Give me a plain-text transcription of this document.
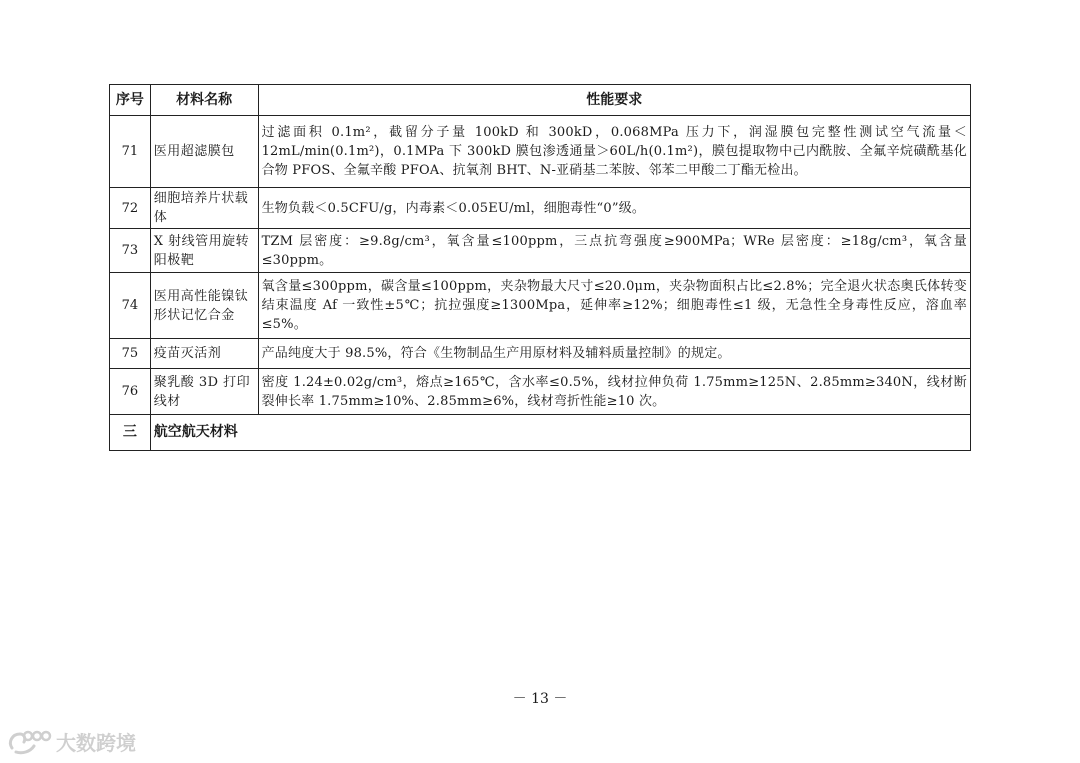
序号	材料名称	性能要求
71	医用超滤膜包	过滤面积 0.1m²，截留分子量 100kD 和 300kD，0.068MPa 压力下，润湿膜包完整性测试空气流量＜12mL/min(0.1m²)，0.1MPa 下 300kD 膜包渗透通量＞60L/h(0.1m²)，膜包提取物中己内酰胺、全氟辛烷磺酰基化合物 PFOS、全氟辛酸 PFOA、抗氧剂 BHT、N-亚硝基二苯胺、邻苯二甲酸二丁酯无检出。
72	细胞培养片状载体	生物负载＜0.5CFU/g，内毒素＜0.05EU/ml，细胞毒性“0”级。
73	X 射线管用旋转阳极靶	TZM 层密度：≥9.8g/cm³，氧含量≤100ppm，三点抗弯强度≥900MPa；WRe 层密度：≥18g/cm³，氧含量≤30ppm。
74	医用高性能镍钛形状记忆合金	氧含量≤300ppm，碳含量≤100ppm，夹杂物最大尺寸≤20.0μm，夹杂物面积占比≤2.8%；完全退火状态奥氏体转变结束温度 Af 一致性±5℃；抗拉强度≥1300Mpa，延伸率≥12%；细胞毒性≤1 级，无急性全身毒性反应，溶血率≤5%。
75	疫苗灭活剂	产品纯度大于 98.5%，符合《生物制品生产用原材料及辅料质量控制》的规定。
76	聚乳酸 3D 打印线材	密度 1.24±0.02g/cm³，熔点≥165℃，含水率≤0.5%，线材拉伸负荷 1.75mm≥125N、2.85mm≥340N，线材断裂伸长率 1.75mm≥10%、2.85mm≥6%，线材弯折性能≥10 次。
三	航空航天材料	
－ 13 －
大数跨境
